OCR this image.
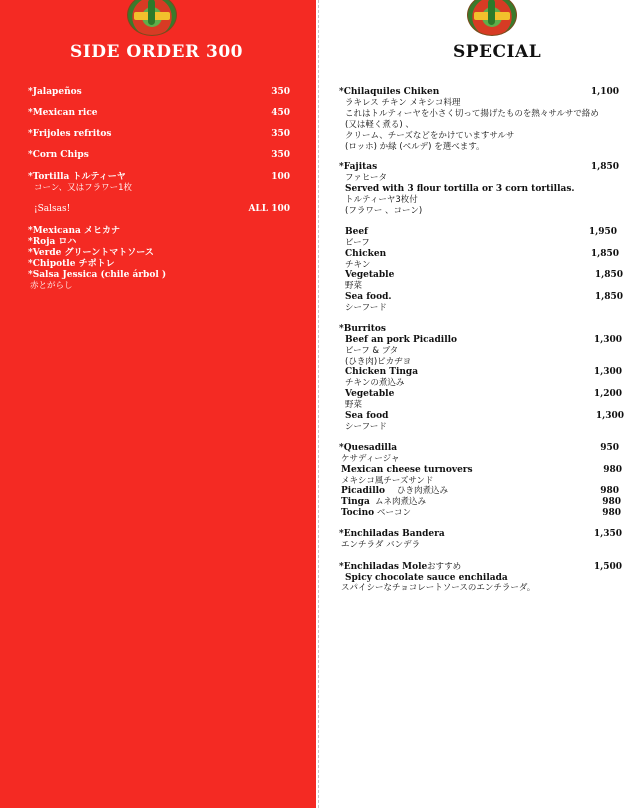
SIDE ORDER 300
*Jalapeños	350
*Mexican rice	450
*Frijoles refritos	350
*Corn Chips	350
*Tortilla トルティーヤ	100
コーン、又はフラワー1枚
¡Salsas!	ALL 100
*Mexicana メヒカナ
*Roja ロハ
*Verde グリーントマトソース
*Chipotle チポトレ
*Salsa Jessica (chile árbol )
赤とがらし
SPECIAL
*Chilaquiles Chiken	1,100
ラキレス チキン メキシコ料理
これはトルティーヤを小さく切って揚げたものを熱々サルサで絡め
(又は軽く煮る) 、
クリーム、チーズなどをかけていますサルサ
(ロッホ) か緑 (ベルデ) を選べます。
*Fajitas	1,850
ファヒータ
Served with 3 flour tortilla or 3 corn tortillas.
トルティーヤ3枚付
(フラワー 、コーン)
Beef	1,950
ビーフ
Chicken	1,850
チキン
Vegetable	1,850
野菜
Sea food.	1,850
シーフード
*Burritos
Beef an pork Picadillo	1,300
ビーフ & ブタ
(ひき肉)ピカヂヨ
Chicken Tinga	1,300
チキンの煮込み
Vegetable	1,200
野菜
Sea food	1,300
シーフード
*Quesadilla	950
ケサディージャ
Mexican cheese turnovers	980
メキシコ風チーズサンド
Picadillo ひき肉煮込み	980
Tinga ムネ肉煮込み	980
Tocino ベーコン	980
*Enchiladas Bandera	1,350
エンチラダ バンデラ
*Enchiladas Mole おすすめ	1,500
Spicy chocolate sauce enchilada
スパイシーなチョコレートソースのエンチラーダ。
